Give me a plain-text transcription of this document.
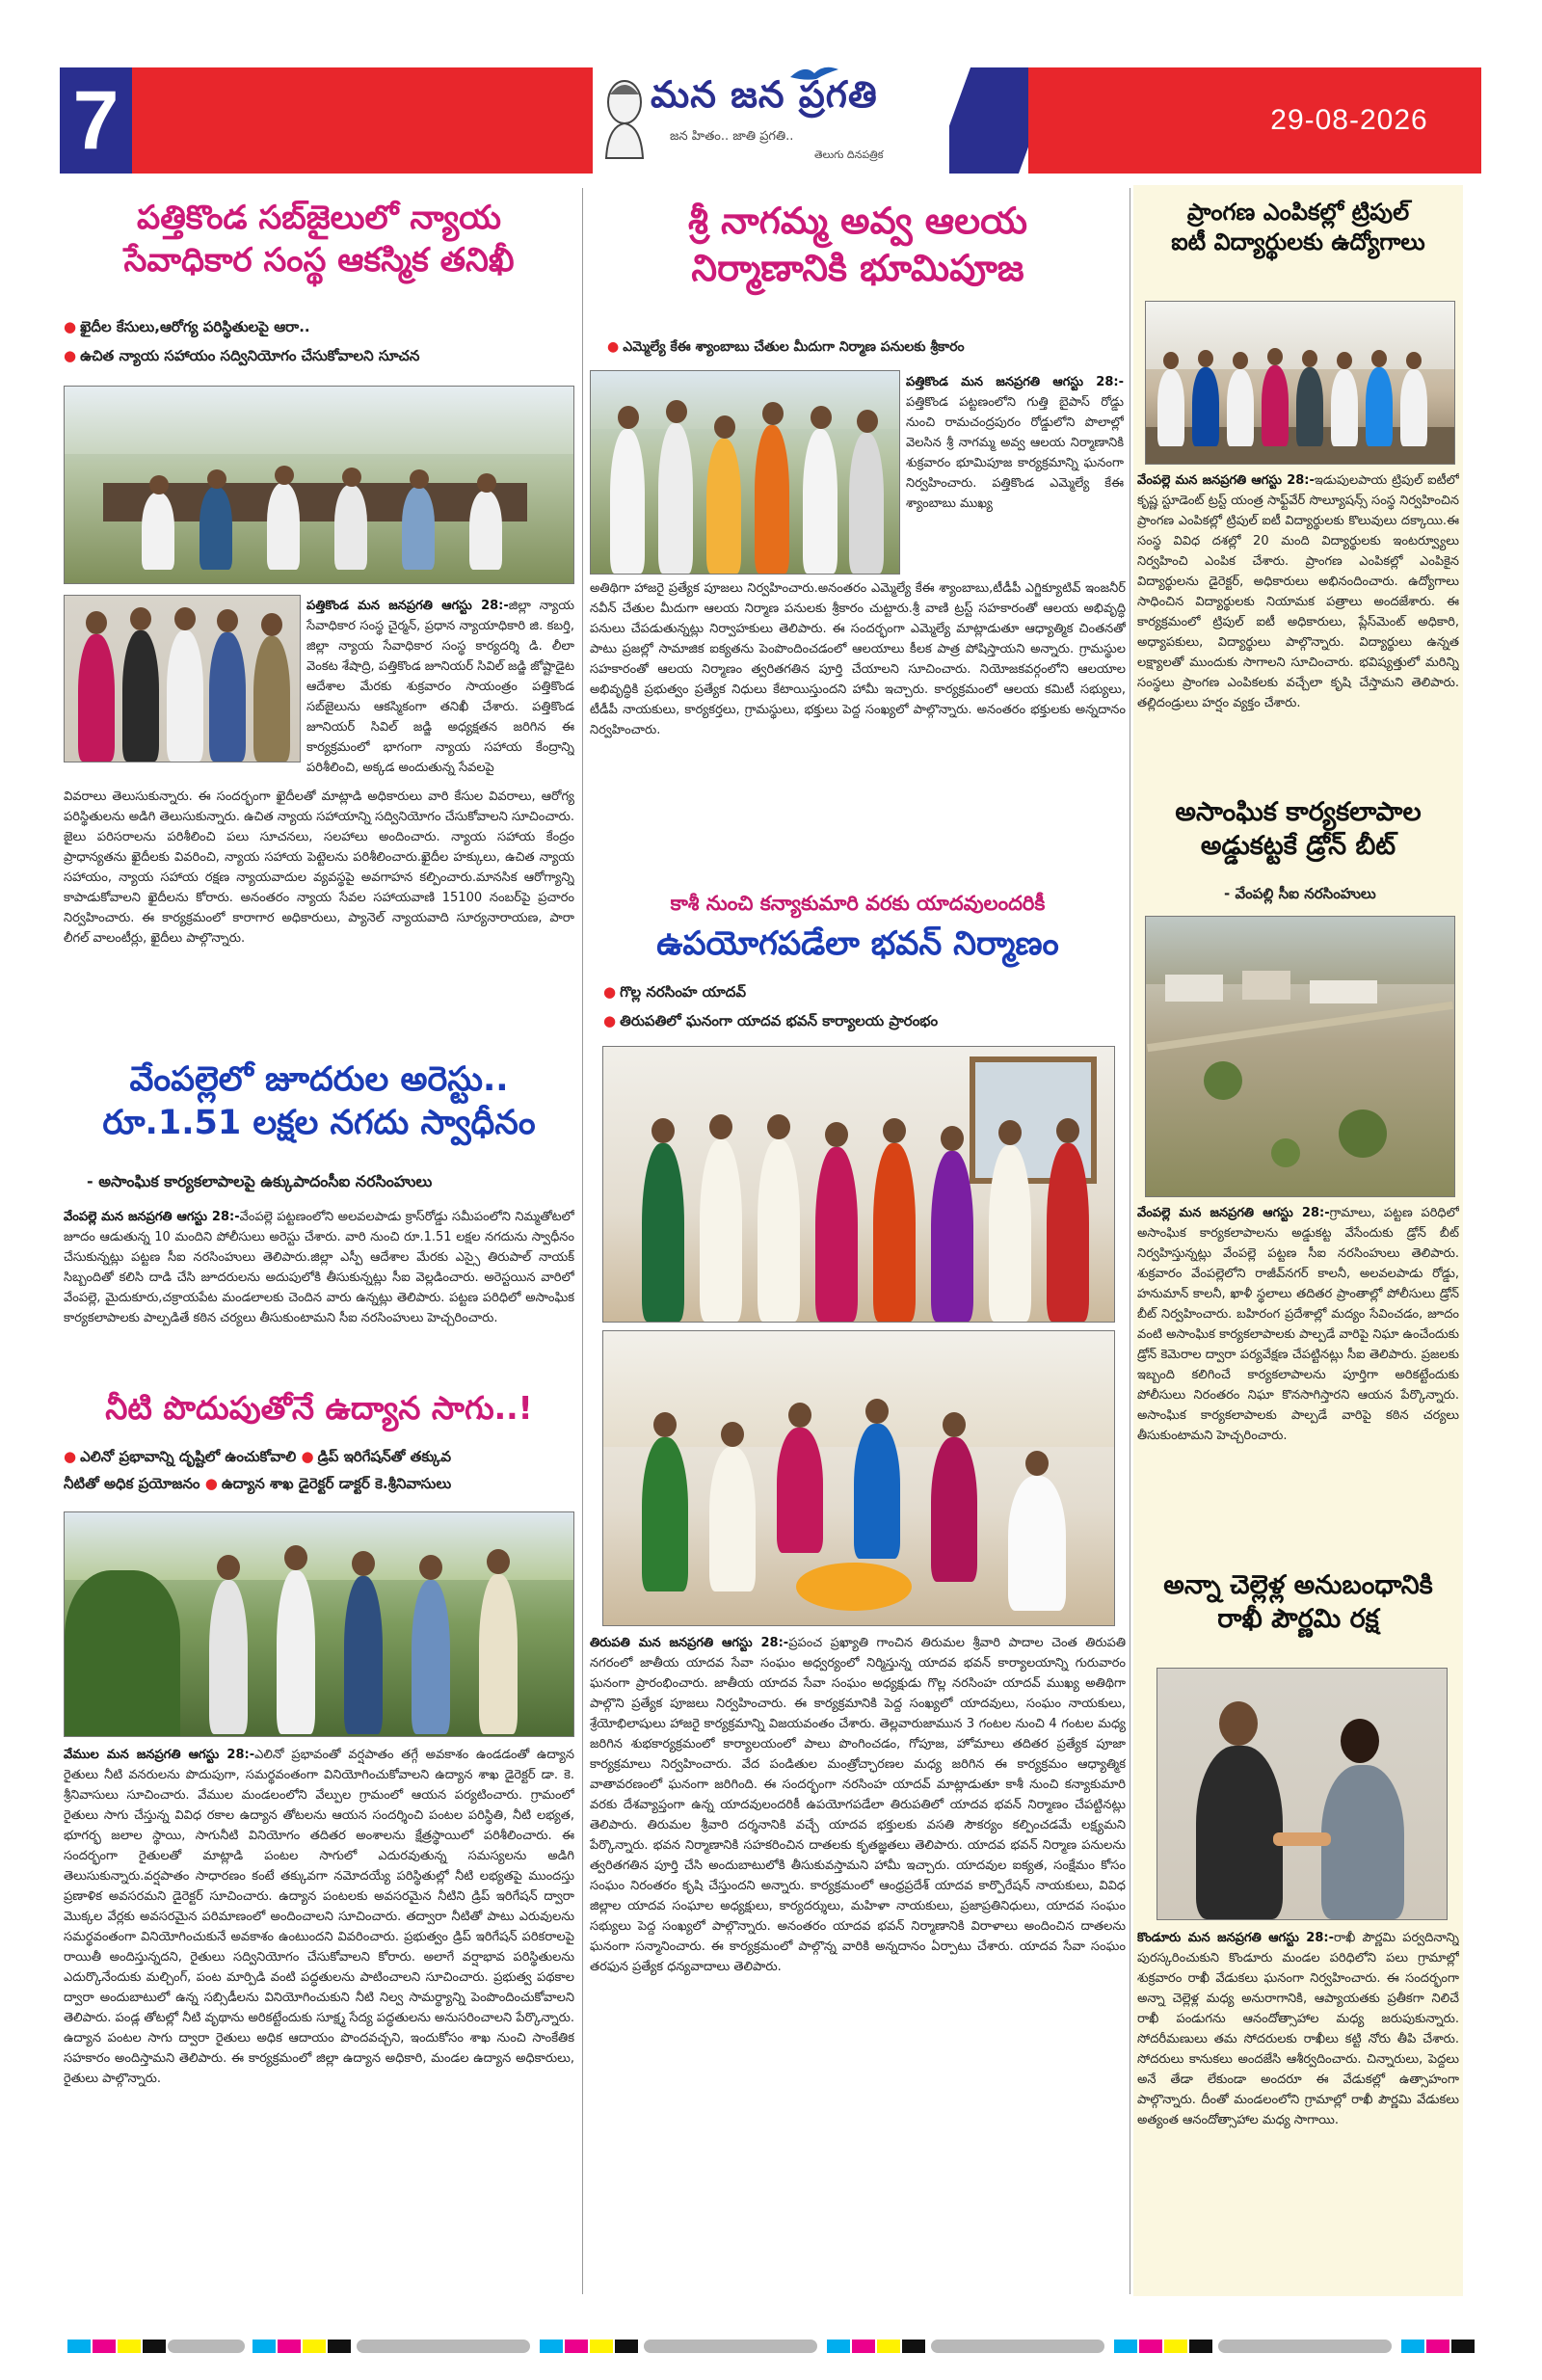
7	మన జన ప్రగతి
జన హితం.. జాతి ప్రగతి..
తెలుగు దినపత్రిక
29-08-2026
పత్తికొండ సబ్‌జైలులో న్యాయ
సేవాధికార సంస్థ ఆకస్మిక తనిఖీ
● ఖైదీల కేసులు,ఆరోగ్య పరిస్థితులపై ఆరా..
● ఉచిత న్యాయ సహాయం సద్వినియోగం చేసుకోవాలని సూచన
పత్తికొండ మన జనప్రగతి ఆగస్టు 28:-జిల్లా న్యాయ సేవాధికార సంస్థ చైర్మన్, ప్రధాన న్యాయాధికారి జి. కబర్తి, జిల్లా న్యాయ సేవాధికార సంస్థ కార్యదర్శి డి. లీలా వెంకట శేషాద్రి, పత్తికొండ జూనియర్ సివిల్ జడ్జి జోష్టాడైట ఆదేశాల మేరకు శుక్రవారం సాయంత్రం పత్తికొండ సబ్‌జైలును ఆకస్మికంగా తనిఖీ చేశారు. పత్తికొండ జూనియర్ సివిల్ జడ్జి అధ్యక్షతన జరిగిన ఈ కార్యక్రమంలో భాగంగా న్యాయ సహాయ కేంద్రాన్ని పరిశీలించి, అక్కడ అందుతున్న సేవలపై
వివరాలు తెలుసుకున్నారు. ఈ సందర్భంగా ఖైదీలతో మాట్లాడి అధికారులు వారి కేసుల వివరాలు, ఆరోగ్య పరిస్థితులను అడిగి తెలుసుకున్నారు. ఉచిత న్యాయ సహాయాన్ని సద్వినియోగం చేసుకోవాలని సూచించారు. జైలు పరిసరాలను పరిశీలించి పలు సూచనలు, సలహాలు అందించారు. న్యాయ సహాయ కేంద్రం ప్రాధాన్యతను ఖైదీలకు వివరించి, న్యాయ సహాయ పెట్టెలను పరిశీలించారు.ఖైదీల హక్కులు, ఉచిత న్యాయ సహాయం, న్యాయ సహాయ రక్షణ న్యాయవాదుల వ్యవస్థపై అవగాహన కల్పించారు.మానసిక ఆరోగ్యాన్ని కాపాడుకోవాలని ఖైదీలను కోరారు. అనంతరం న్యాయ సేవల సహాయవాణి 15100 నంబర్‌పై ప్రచారం నిర్వహించారు. ఈ కార్యక్రమంలో కారాగార అధికారులు, ప్యానెల్ న్యాయవాది సూర్యనారాయణ, పారా లీగల్ వాలంటీర్లు, ఖైదీలు పాల్గొన్నారు.
వేంపల్లెలో జూదరుల అరెస్టు..
రూ.1.51 లక్షల నగదు స్వాధీనం
- అసాంఘిక కార్యకలాపాలపై ఉక్కుపాదంసీఐ నరసింహులు
వేంపల్లె మన జనప్రగతి ఆగస్టు 28:-వేంపల్లె పట్టణంలోని అలవలపాడు క్రాస్‌రోడ్డు సమీపంలోని నిమ్మతోటలో జూదం ఆడుతున్న 10 మందిని పోలీసులు అరెస్టు చేశారు. వారి నుంచి రూ.1.51 లక్షల నగదును స్వాధీనం చేసుకున్నట్లు పట్టణ సీఐ నరసింహులు తెలిపారు.జిల్లా ఎస్పీ ఆదేశాల మేరకు ఎస్సై తిరుపాల్ నాయక్ సిబ్బందితో కలిసి దాడి చేసి జూదరులను అదుపులోకి తీసుకున్నట్లు సీఐ వెల్లడించారు. అరెస్టయిన వారిలో వేంపల్లె, మైదుకూరు,చక్రాయపేట మండలాలకు చెందిన వారు ఉన్నట్లు తెలిపారు. పట్టణ పరిధిలో అసాంఘిక కార్యకలాపాలకు పాల్పడితే కఠిన చర్యలు తీసుకుంటామని సీఐ నరసింహులు హెచ్చరించారు.
నీటి పొదుపుతోనే ఉద్యాన సాగు..!
● ఎలినో ప్రభావాన్ని దృష్టిలో ఉంచుకోవాలి ● డ్రిప్ ఇరిగేషన్‌తో తక్కువ
నీటితో అధిక ప్రయోజనం ● ఉద్యాన శాఖ డైరెక్టర్ డాక్టర్ కె.శ్రీనివాసులు
వేముల మన జనప్రగతి ఆగస్టు 28:-ఎలినో ప్రభావంతో వర్షపాతం తగ్గే అవకాశం ఉండడంతో ఉద్యాన రైతులు నీటి వనరులను పొదుపుగా, సమర్థవంతంగా వినియోగించుకోవాలని ఉద్యాన శాఖ డైరెక్టర్ డా. కె. శ్రీనివాసులు సూచించారు. వేముల మండలంలోని వేల్పుల గ్రామంలో ఆయన పర్యటించారు. గ్రామంలో రైతులు సాగు చేస్తున్న వివిధ రకాల ఉద్యాన తోటలను ఆయన సందర్శించి పంటల పరిస్థితి, నీటి లభ్యత, భూగర్భ జలాల స్థాయి, సాగునీటి వినియోగం తదితర అంశాలను క్షేత్రస్థాయిలో పరిశీలించారు. ఈ సందర్భంగా రైతులతో మాట్లాడి పంటల సాగులో ఎదురవుతున్న సమస్యలను అడిగి తెలుసుకున్నారు.వర్షపాతం సాధారణం కంటే తక్కువగా నమోదయ్యే పరిస్థితుల్లో నీటి లభ్యతపై ముందస్తు ప్రణాళిక అవసరమని డైరెక్టర్ సూచించారు. ఉద్యాన పంటలకు అవసరమైన నీటిని డ్రిప్ ఇరిగేషన్ ద్వారా మొక్కల వేర్లకు అవసరమైన పరిమాణంలో అందించాలని సూచించారు. తద్వారా నీటితో పాటు ఎరువులను సమర్థవంతంగా వినియోగించుకునే అవకాశం ఉంటుందని వివరించారు. ప్రభుత్వం డ్రిప్ ఇరిగేషన్ పరికరాలపై రాయితీ అందిస్తున్నదని, రైతులు సద్వినియోగం చేసుకోవాలని కోరారు. అలాగే వర్షాభావ పరిస్థితులను ఎదుర్కొనేందుకు మల్చింగ్, పంట మార్పిడి వంటి పద్ధతులను పాటించాలని సూచించారు. ప్రభుత్వ పథకాల ద్వారా అందుబాటులో ఉన్న సబ్సిడీలను వినియోగించుకుని నీటి నిల్వ సామర్థ్యాన్ని పెంపొందించుకోవాలని తెలిపారు. పండ్ల తోటల్లో నీటి వృథాను అరికట్టేందుకు సూక్ష్మ సేద్య పద్ధతులను అనుసరించాలని పేర్కొన్నారు. ఉద్యాన పంటల సాగు ద్వారా రైతులు అధిక ఆదాయం పొందవచ్చని, ఇందుకోసం శాఖ నుంచి సాంకేతిక సహకారం అందిస్తామని తెలిపారు. ఈ కార్యక్రమంలో జిల్లా ఉద్యాన అధికారి, మండల ఉద్యాన అధికారులు, రైతులు పాల్గొన్నారు.
శ్రీ నాగమ్మ అవ్వ ఆలయ
నిర్మాణానికి భూమిపూజ
● ఎమ్మెల్యే కేఈ శ్యాంబాబు చేతుల మీదుగా నిర్మాణ పనులకు శ్రీకారం
పత్తికొండ మన జనప్రగతి ఆగస్టు 28:-పత్తికొండ పట్టణంలోని గుత్తి బైపాస్ రోడ్డు నుంచి రామచంద్రపురం రోడ్డులోని పొలాల్లో వెలసిన శ్రీ నాగమ్మ అవ్వ ఆలయ నిర్మాణానికి శుక్రవారం భూమిపూజ కార్యక్రమాన్ని ఘనంగా నిర్వహించారు. పత్తికొండ ఎమ్మెల్యే కేఈ శ్యాంబాబు ముఖ్య
అతిథిగా హాజరై ప్రత్యేక పూజలు నిర్వహించారు.అనంతరం ఎమ్మెల్యే కేఈ శ్యాంబాబు,టీడీపీ ఎగ్జిక్యూటివ్ ఇంజనీర్ నవీన్ చేతుల మీదుగా ఆలయ నిర్మాణ పనులకు శ్రీకారం చుట్టారు.శ్రీ వాణి ట్రస్ట్ సహకారంతో ఆలయ అభివృద్ధి పనులు చేపడుతున్నట్లు నిర్వాహకులు తెలిపారు. ఈ సందర్భంగా ఎమ్మెల్యే మాట్లాడుతూ ఆధ్యాత్మిక చింతనతో పాటు ప్రజల్లో సామాజిక ఐక్యతను పెంపొందించడంలో ఆలయాలు కీలక పాత్ర పోషిస్తాయని అన్నారు. గ్రామస్థుల సహకారంతో ఆలయ నిర్మాణం త్వరితగతిన పూర్తి చేయాలని సూచించారు. నియోజకవర్గంలోని ఆలయాల అభివృద్ధికి ప్రభుత్వం ప్రత్యేక నిధులు కేటాయిస్తుందని హామీ ఇచ్చారు. కార్యక్రమంలో ఆలయ కమిటీ సభ్యులు, టీడీపీ నాయకులు, కార్యకర్తలు, గ్రామస్థులు, భక్తులు పెద్ద సంఖ్యలో పాల్గొన్నారు. అనంతరం భక్తులకు అన్నదానం నిర్వహించారు.
కాశీ నుంచి కన్యాకుమారి వరకు యాదవులందరికీ
ఉపయోగపడేలా భవన్ నిర్మాణం
● గొల్ల నరసింహ యాదవ్
● తిరుపతిలో ఘనంగా యాదవ భవన్ కార్యాలయ ప్రారంభం
తిరుపతి మన జనప్రగతి ఆగస్టు 28:-ప్రపంచ ప్రఖ్యాతి గాంచిన తిరుమల శ్రీవారి పాదాల చెంత తిరుపతి నగరంలో జాతీయ యాదవ సేవా సంఘం అధ్వర్యంలో నిర్మిస్తున్న యాదవ భవన్ కార్యాలయాన్ని గురువారం ఘనంగా ప్రారంభించారు. జాతీయ యాదవ సేవా సంఘం అధ్యక్షుడు గొల్ల నరసింహ యాదవ్ ముఖ్య అతిథిగా పాల్గొని ప్రత్యేక పూజలు నిర్వహించారు. ఈ కార్యక్రమానికి పెద్ద సంఖ్యలో యాదవులు, సంఘం నాయకులు, శ్రేయోభిలాషులు హాజరై కార్యక్రమాన్ని విజయవంతం చేశారు. తెల్లవారుజామున 3 గంటల నుంచి 4 గంటల మధ్య జరిగిన శుభకార్యక్రమంలో కార్యాలయంలో పాలు పొంగించడం, గోపూజ, హోమాలు తదితర ప్రత్యేక పూజా కార్యక్రమాలు నిర్వహించారు. వేద పండితుల మంత్రోచ్ఛారణల మధ్య జరిగిన ఈ కార్యక్రమం ఆధ్యాత్మిక వాతావరణంలో ఘనంగా జరిగింది. ఈ సందర్భంగా నరసింహ యాదవ్ మాట్లాడుతూ కాశీ నుంచి కన్యాకుమారి వరకు దేశవ్యాప్తంగా ఉన్న యాదవులందరికీ ఉపయోగపడేలా తిరుపతిలో యాదవ భవన్ నిర్మాణం చేపట్టినట్లు తెలిపారు. తిరుమల శ్రీవారి దర్శనానికి వచ్చే యాదవ భక్తులకు వసతి సౌకర్యం కల్పించడమే లక్ష్యమని పేర్కొన్నారు. భవన నిర్మాణానికి సహకరించిన దాతలకు కృతజ్ఞతలు తెలిపారు. యాదవ భవన్ నిర్మాణ పనులను త్వరితగతిన పూర్తి చేసి అందుబాటులోకి తీసుకువస్తామని హామీ ఇచ్చారు. యాదవుల ఐక్యత, సంక్షేమం కోసం సంఘం నిరంతరం కృషి చేస్తుందని అన్నారు. కార్యక్రమంలో ఆంధ్రప్రదేశ్ యాదవ కార్పొరేషన్ నాయకులు, వివిధ జిల్లాల యాదవ సంఘాల అధ్యక్షులు, కార్యదర్శులు, మహిళా నాయకులు, ప్రజాప్రతినిధులు, యాదవ సంఘం సభ్యులు పెద్ద సంఖ్యలో పాల్గొన్నారు. అనంతరం యాదవ భవన్ నిర్మాణానికి విరాళాలు అందించిన దాతలను ఘనంగా సన్మానించారు. ఈ కార్యక్రమంలో పాల్గొన్న వారికి అన్నదానం ఏర్పాటు చేశారు. యాదవ సేవా సంఘం తరఫున ప్రత్యేక ధన్యవాదాలు తెలిపారు.
ప్రాంగణ ఎంపికల్లో ట్రిపుల్
ఐటీ విద్యార్థులకు ఉద్యోగాలు
వేంపల్లె మన జనప్రగతి ఆగస్టు 28:-ఇడుపులపాయ ట్రిపుల్ ఐటీలో కృష్ణ స్టూడెంట్ ట్రస్ట్ యంత్ర సాఫ్ట్‌వేర్ సొల్యూషన్స్ సంస్థ నిర్వహించిన ప్రాంగణ ఎంపికల్లో ట్రిపుల్ ఐటీ విద్యార్థులకు కొలువులు దక్కాయి.ఈ సంస్థ వివిధ దశల్లో 20 మంది విద్యార్థులకు ఇంటర్వ్యూలు నిర్వహించి ఎంపిక చేశారు. ప్రాంగణ ఎంపికల్లో ఎంపికైన విద్యార్థులను డైరెక్టర్, అధికారులు అభినందించారు. ఉద్యోగాలు సాధించిన విద్యార్థులకు నియామక పత్రాలు అందజేశారు. ఈ కార్యక్రమంలో ట్రిపుల్ ఐటీ అధికారులు, ప్లేస్‌మెంట్ అధికారి, అధ్యాపకులు, విద్యార్థులు పాల్గొన్నారు. విద్యార్థులు ఉన్నత లక్ష్యాలతో ముందుకు సాగాలని సూచించారు. భవిష్యత్తులో మరిన్ని సంస్థలు ప్రాంగణ ఎంపికలకు వచ్చేలా కృషి చేస్తామని తెలిపారు. తల్లిదండ్రులు హర్షం వ్యక్తం చేశారు.
అసాంఘిక కార్యకలాపాల
అడ్డుకట్టకే డ్రోన్ బీట్
- వేంపల్లి సీఐ నరసింహులు
వేంపల్లె మన జనప్రగతి ఆగస్టు 28:-గ్రామాలు, పట్టణ పరిధిలో అసాంఘిక కార్యకలాపాలను అడ్డుకట్ట వేసేందుకు డ్రోన్ బీట్ నిర్వహిస్తున్నట్లు వేంపల్లె పట్టణ సీఐ నరసింహులు తెలిపారు. శుక్రవారం వేంపల్లెలోని రాజీవ్‌నగర్ కాలనీ, అలవలపాడు రోడ్డు, హనుమాన్ కాలనీ, ఖాళీ స్థలాలు తదితర ప్రాంతాల్లో పోలీసులు డ్రోన్ బీట్ నిర్వహించారు. బహిరంగ ప్రదేశాల్లో మద్యం సేవించడం, జూదం వంటి అసాంఘిక కార్యకలాపాలకు పాల్పడే వారిపై నిఘా ఉంచేందుకు డ్రోన్ కెమెరాల ద్వారా పర్యవేక్షణ చేపట్టినట్లు సీఐ తెలిపారు. ప్రజలకు ఇబ్బంది కలిగించే కార్యకలాపాలను పూర్తిగా అరికట్టేందుకు పోలీసులు నిరంతరం నిఘా కొనసాగిస్తారని ఆయన పేర్కొన్నారు. అసాంఘిక కార్యకలాపాలకు పాల్పడే వారిపై కఠిన చర్యలు తీసుకుంటామని హెచ్చరించారు.
అన్నా చెల్లెళ్ల అనుబంధానికి
రాఖీ పౌర్ణమి రక్ష
కొండూరు మన జనప్రగతి ఆగస్టు 28:-రాఖీ పౌర్ణమి పర్వదినాన్ని పురస్కరించుకుని కొండూరు మండల పరిధిలోని పలు గ్రామాల్లో శుక్రవారం రాఖీ వేడుకలు ఘనంగా నిర్వహించారు. ఈ సందర్భంగా అన్నా చెల్లెళ్ల మధ్య అనురాగానికి, ఆప్యాయతకు ప్రతీకగా నిలిచే రాఖీ పండుగను ఆనందోత్సాహాల మధ్య జరుపుకున్నారు. సోదరీమణులు తమ సోదరులకు రాఖీలు కట్టి నోరు తీపి చేశారు. సోదరులు కానుకలు అందజేసి ఆశీర్వదించారు. చిన్నారులు, పెద్దలు అనే తేడా లేకుండా అందరూ ఈ వేడుకల్లో ఉత్సాహంగా పాల్గొన్నారు. దీంతో మండలంలోని గ్రామాల్లో రాఖీ పౌర్ణమి వేడుకలు అత్యంత ఆనందోత్సాహాల మధ్య సాగాయి.
